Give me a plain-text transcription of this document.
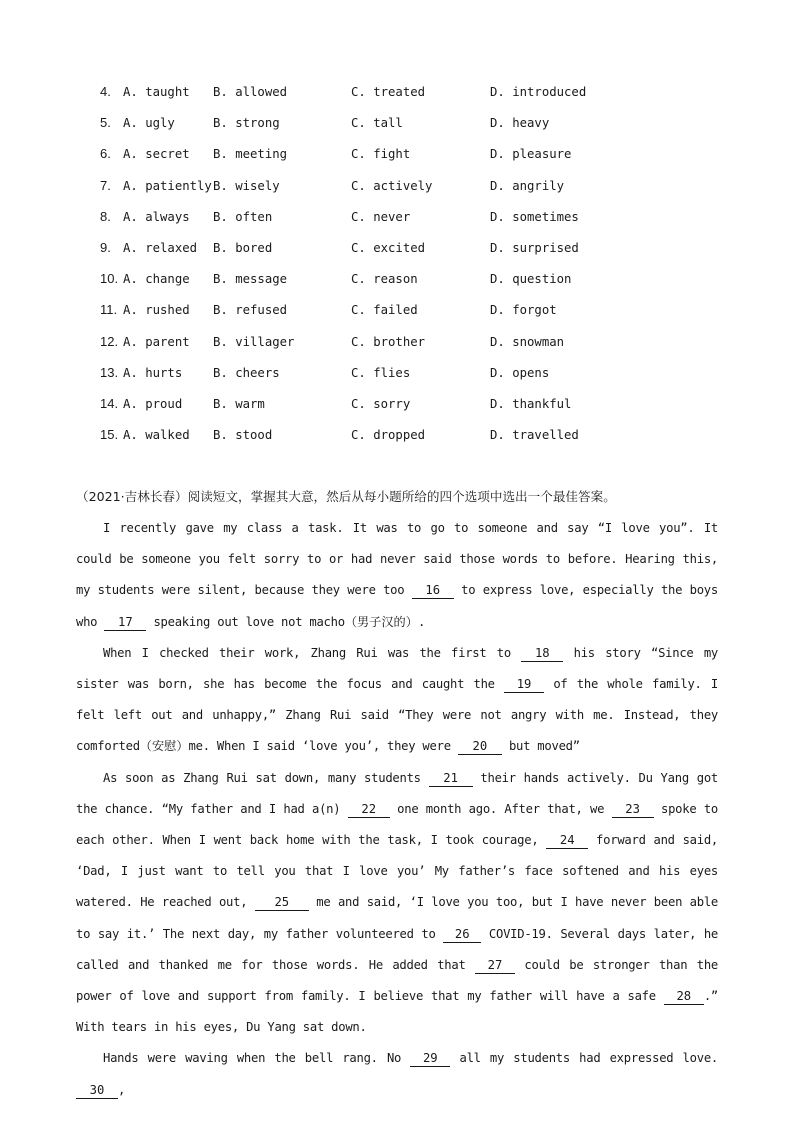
4. A. taught B. allowed	C. treated	D. introduced
5. A. ugly	B. strong	C. tall	D. heavy
6. A. secret B. meeting	C. fight	D. pleasure
7. A. patiently B. wisely	C. actively	D. angrily
8. A. always B. often	C. never	D. sometimes
9. A. relaxed B. bored	C. excited	D. surprised
10. A. change B. message	C. reason	D. question
11. A. rushed B. refused	C. failed	D. forgot
12. A. parent B. villager	C. brother	D. snowman
13. A. hurts	B. cheers	C. flies	D. opens
14. A. proud	B. warm	C. sorry	D. thankful
15. A. walked B. stood	C. dropped	D. travelled
（2021·吉林长春）阅读短文，掌握其大意，然后从每小题所给的四个选项中选出一个最佳答案。

I recently gave my class a task. It was to go to someone and say “I love you”. It could be someone you felt sorry to or had never said those words to before. Hearing this, my students were silent, because they were too 16 to express love, especially the boys who 17 speaking out love not macho（男子汉的）.

When I checked their work, Zhang Rui was the first to 18 his story “Since my sister was born, she has become the focus and caught the 19 of the whole family. I felt left out and unhappy,” Zhang Rui said “They were not angry with me. Instead, they comforted（安慰）me. When I said ‘love you’, they were 20 but moved”

As soon as Zhang Rui sat down, many students 21 their hands actively. Du Yang got the chance. “My father and I had a(n) 22 one month ago. After that, we 23 spoke to each other. When I went back home with the task, I took courage, 24 forward and said, ‘Dad, I just want to tell you that I love you’ My father’s face softened and his eyes watered. He reached out, 25 me and said, ‘I love you too, but I have never been able to say it.’ The next day, my father volunteered to 26 COVID-19. Several days later, he called and thanked me for those words. He added that 27 could be stronger than the power of love and support from family. I believe that my father will have a safe 28 .” With tears in his eyes, Du Yang sat down.

Hands were waving when the bell rang. No 29 all my students had expressed love. 30 ,
